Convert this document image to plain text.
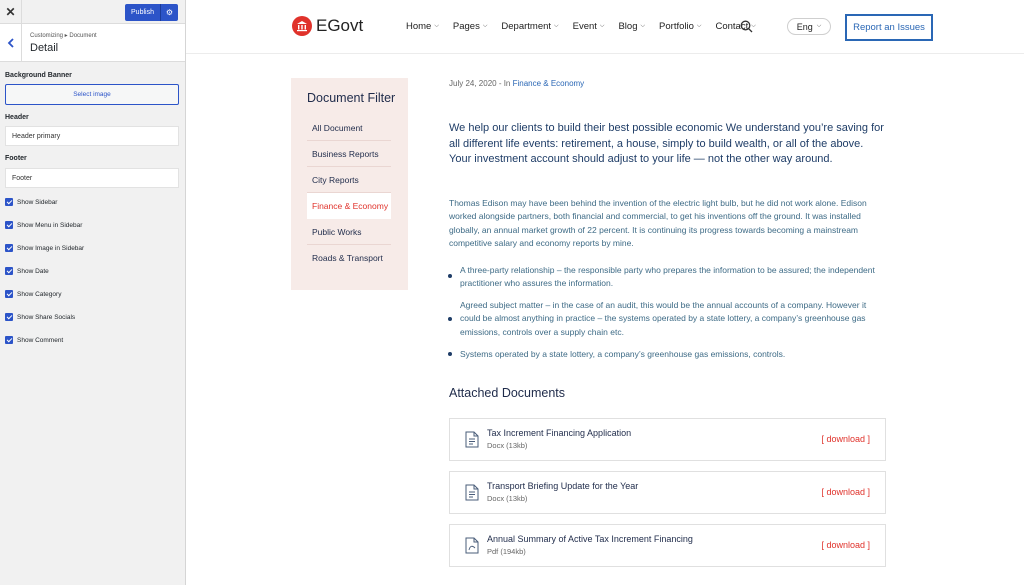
✕	Publish	⚙
Customizing ▸ Document
Detail
Background Banner
Select image
Header
Header primary
Footer
Footer
Show Sidebar
Show Menu in Sidebar
Show Image in Sidebar
Show Date
Show Category
Show Share Socials
Show Comment
EGovt	Home ⌵ Pages ⌵ Department ⌵ Event ⌵ Blog ⌵ Portfolio ⌵ Contact ⌵	Eng ⌵	Report an Issues
Document Filter
All Document
Business Reports
City Reports
Finance & Economy
Public Works
Roads & Transport
July 24, 2020 - In Finance & Economy
We help our clients to build their best possible economic We understand you’re saving for all different life events: retirement, a house, simply to build wealth, or all of the above. Your investment account should adjust to your life — not the other way around.
Thomas Edison may have been behind the invention of the electric light bulb, but he did not work alone. Edison worked alongside partners, both financial and commercial, to get his inventions off the ground. It was installed globally, an annual market growth of 22 percent. It is continuing its progress towards becoming a mainstream competitive salary and economy reports by mine.
A three-party relationship – the responsible party who prepares the information to be assured; the independent practitioner who assures the information.
Agreed subject matter – in the case of an audit, this would be the annual accounts of a company. However it could be almost anything in practice – the systems operated by a state lottery, a company’s greenhouse gas emissions, controls over a supply chain etc.
Systems operated by a state lottery, a company’s greenhouse gas emissions, controls.
Attached Documents
Tax Increment Financing Application
Docx (13kb)
[ download ]
Transport Briefing Update for the Year
Docx (13kb)
[ download ]
Annual Summary of Active Tax Increment Financing
Pdf (194kb)
[ download ]
